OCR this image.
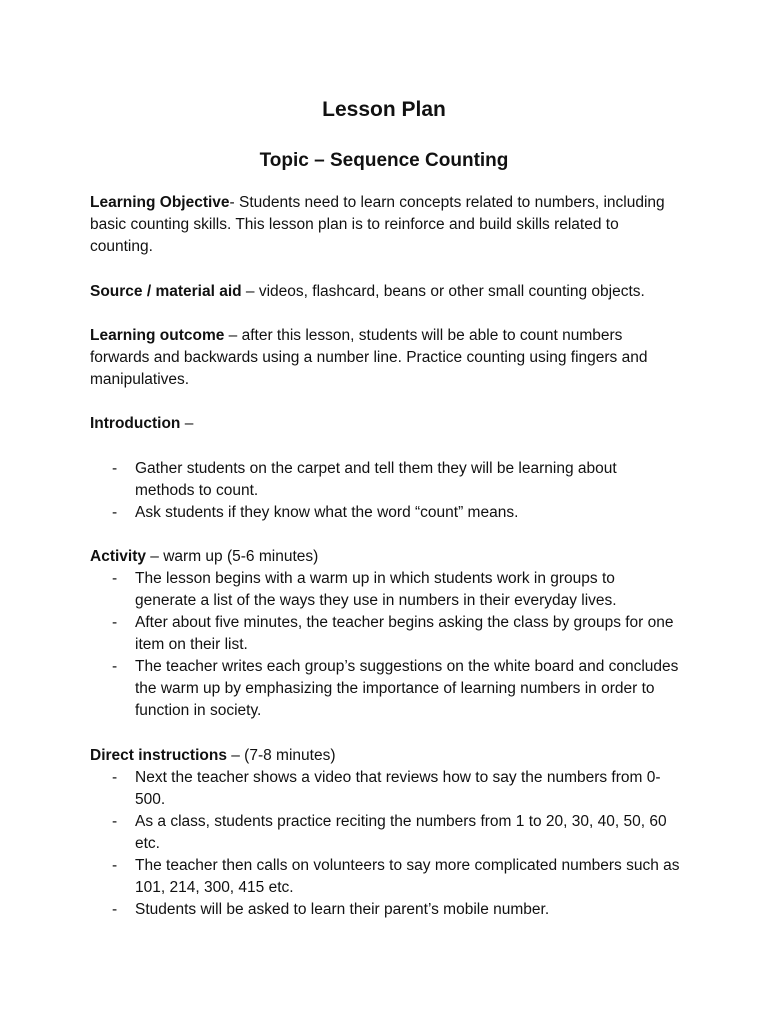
Lesson Plan
Topic – Sequence Counting

Learning Objective- Students need to learn concepts related to numbers, including basic counting skills. This lesson plan is to reinforce and build skills related to counting.

Source / material aid – videos, flashcard, beans or other small counting objects.

Learning outcome – after this lesson, students will be able to count numbers forwards and backwards using a number line. Practice counting using fingers and manipulatives.

Introduction –

- Gather students on the carpet and tell them they will be learning about methods to count.
- Ask students if they know what the word “count” means.

Activity – warm up (5-6 minutes)

- The lesson begins with a warm up in which students work in groups to generate a list of the ways they use in numbers in their everyday lives.
- After about five minutes, the teacher begins asking the class by groups for one item on their list.
- The teacher writes each group’s suggestions on the white board and concludes the warm up by emphasizing the importance of learning numbers in order to function in society.

Direct instructions – (7-8 minutes)

- Next the teacher shows a video that reviews how to say the numbers from 0-500.
- As a class, students practice reciting the numbers from 1 to 20, 30, 40, 50, 60 etc.
- The teacher then calls on volunteers to say more complicated numbers such as 101, 214, 300, 415 etc.
- Students will be asked to learn their parent’s mobile number.
